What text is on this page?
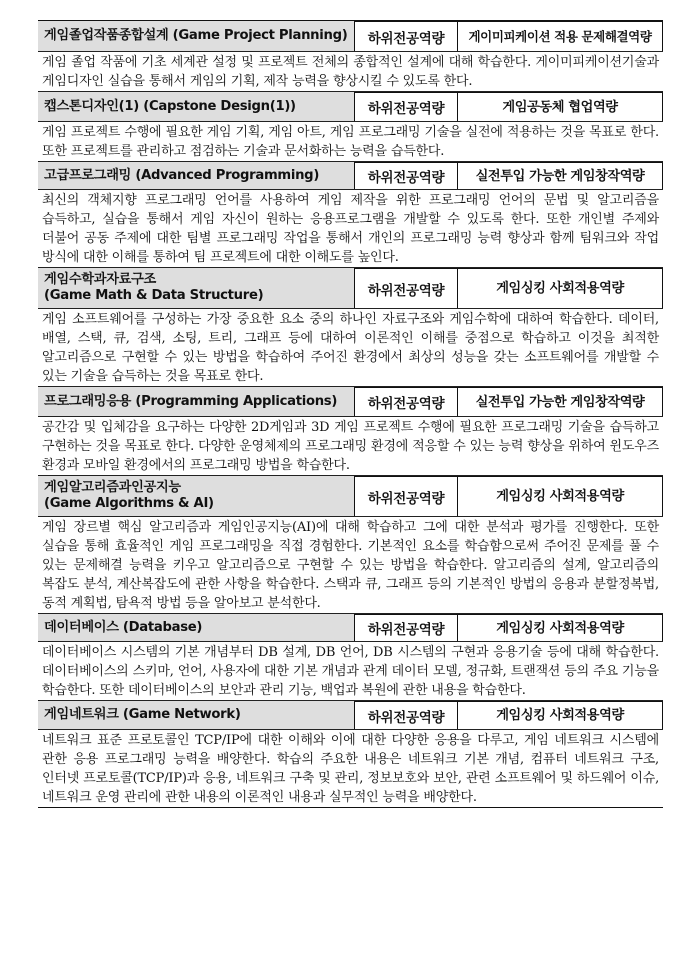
게임졸업작품종합설계 (Game Project Planning)	하위전공역량	게이미피케이션 적용 문제해결역량
게임 졸업 작품에 기초 세계관 설정 및 프로젝트 전체의 종합적인 설계에 대해 학습한다. 게이미피케이션기술과 게임디자인 실습을 통해서 게임의 기획, 제작 능력을 향상시킬 수 있도록 한다.
캡스톤디자인(1) (Capstone Design(1))	하위전공역량	게임공동체 협업역량
게임 프로젝트 수행에 필요한 게임 기획, 게임 아트, 게임 프로그래밍 기술을 실전에 적용하는 것을 목표로 한다. 또한 프로젝트를 관리하고 점검하는 기술과 문서화하는 능력을 습득한다.
고급프로그래밍 (Advanced Programming)	하위전공역량	실전투입 가능한 게임창작역량
최신의 객체지향 프로그래밍 언어를 사용하여 게임 제작을 위한 프로그래밍 언어의 문법 및 알고리즘을 습득하고, 실습을 통해서 게임 자신이 원하는 응용프로그램을 개발할 수 있도록 한다. 또한 개인별 주제와 더불어 공동 주제에 대한 팀별 프로그래밍 작업을 통해서 개인의 프로그래밍 능력 향상과 함께 팀워크와 작업 방식에 대한 이해를 통하여 팀 프로젝트에 대한 이해도를 높인다.
게임수학과자료구조
(Game Math & Data Structure)	하위전공역량	게임싱킹 사회적용역량
게임 소프트웨어를 구성하는 가장 중요한 요소 중의 하나인 자료구조와 게임수학에 대하여 학습한다. 데이터, 배열, 스택, 큐, 검색, 소팅, 트리, 그래프 등에 대하여 이론적인 이해를 중점으로 학습하고 이것을 최적한 알고리즘으로 구현할 수 있는 방법을 학습하여 주어진 환경에서 최상의 성능을 갖는 소프트웨어를 개발할 수 있는 기술을 습득하는 것을 목표로 한다.
프로그래밍응용 (Programming Applications)	하위전공역량	실전투입 가능한 게임창작역량
공간감 및 입체감을 요구하는 다양한 2D게임과 3D 게임 프로젝트 수행에 필요한 프로그래밍 기술을 습득하고 구현하는 것을 목표로 한다. 다양한 운영체제의 프로그래밍 환경에 적응할 수 있는 능력 향상을 위하여 윈도우즈 환경과 모바일 환경에서의 프로그래밍 방법을 학습한다.
게임알고리즘과인공지능
(Game Algorithms & AI)	하위전공역량	게임싱킹 사회적용역량
게임 장르별 핵심 알고리즘과 게임인공지능(AI)에 대해 학습하고 그에 대한 분석과 평가를 진행한다. 또한 실습을 통해 효율적인 게임 프로그래밍을 직접 경험한다. 기본적인 요소를 학습함으로써 주어진 문제를 풀 수 있는 문제해결 능력을 키우고 알고리즘으로 구현할 수 있는 방법을 학습한다. 알고리즘의 설계, 알고리즘의 복잡도 분석, 계산복잡도에 관한 사항을 학습한다. 스택과 큐, 그래프 등의 기본적인 방법의 응용과 분할정복법, 동적 계획법, 탐욕적 방법 등을 알아보고 분석한다.
데이터베이스 (Database)	하위전공역량	게임싱킹 사회적용역량
데이터베이스 시스템의 기본 개념부터 DB 설계, DB 언어, DB 시스템의 구현과 응용기술 등에 대해 학습한다. 데이터베이스의 스키마, 언어, 사용자에 대한 기본 개념과 관계 데이터 모델, 정규화, 트랜잭션 등의 주요 기능을 학습한다. 또한 데이터베이스의 보안과 관리 기능, 백업과 복원에 관한 내용을 학습한다.
게임네트워크 (Game Network)	하위전공역량	게임싱킹 사회적용역량
네트워크 표준 프로토콜인 TCP/IP에 대한 이해와 이에 대한 다양한 응용을 다루고, 게임 네트워크 시스템에 관한 응용 프로그래밍 능력을 배양한다. 학습의 주요한 내용은 네트워크 기본 개념, 컴퓨터 네트워크 구조, 인터넷 프로토콜(TCP/IP)과 응용, 네트워크 구축 및 관리, 정보보호와 보안, 관련 소프트웨어 및 하드웨어 이슈, 네트워크 운영 관리에 관한 내용의 이론적인 내용과 실무적인 능력을 배양한다.
